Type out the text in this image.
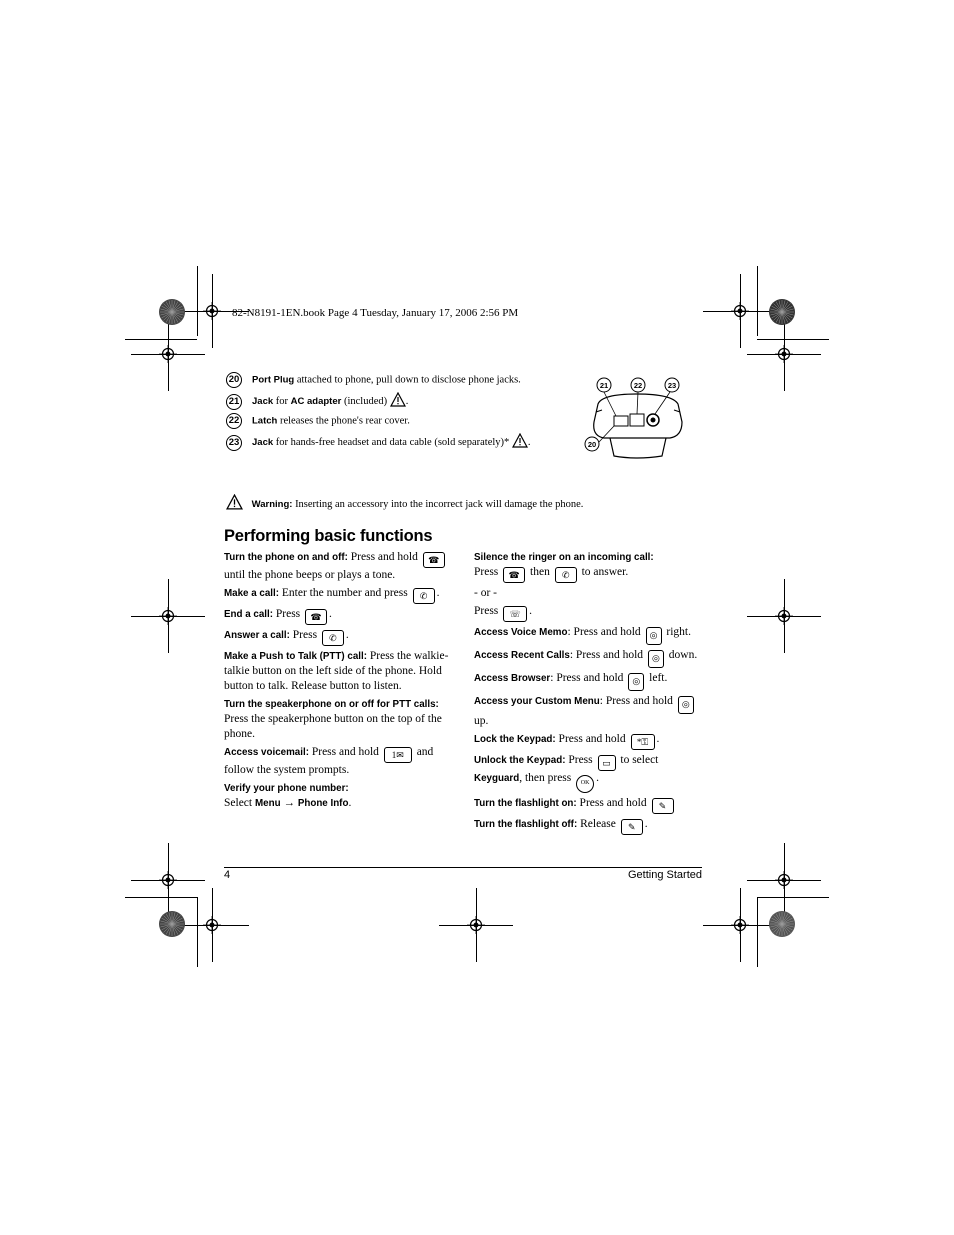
82-N8191-1EN.book Page 4 Tuesday, January 17, 2006 2:56 PM
20 Port Plug attached to phone, pull down to disclose phone jacks.
21 Jack for AC adapter (included) .
22 Latch releases the phone's rear cover.
23 Jack for hands-free headset and data cable (sold separately)* .
21	22	23
20
Warning: Inserting an accessory into the incorrect jack will damage the phone.
Performing basic functions

Turn the phone on and off: Press and hold ☎ until the phone beeps or plays a tone.

Make a call: Enter the number and press ✆ .

End a call: Press ☎ .

Answer a call: Press ✆ .

Make a Push to Talk (PTT) call: Press the walkie-talkie button on the left side of the phone. Hold button to talk. Release button to listen.

Turn the speakerphone on or off for PTT calls:
Press the speakerphone button on the top of the phone.

Access voicemail: Press and hold 1✉ and follow the system prompts.

Verify your phone number:
Select Menu → Phone Info.

Silence the ringer on an incoming call:
Press ☎ then ✆ to answer.

- or -

Press ☏ .

Access Voice Memo: Press and hold ◎ right.

Access Recent Calls: Press and hold ◎ down.

Access Browser: Press and hold ◎ left.

Access your Custom Menu: Press and hold ◎ up.

Lock the Keypad: Press and hold *⚿ .

Unlock the Keypad: Press ▭ to select Keyguard, then press OK .

Turn the flashlight on: Press and hold ✎

Turn the flashlight off: Release ✎ .

4	Getting Started
